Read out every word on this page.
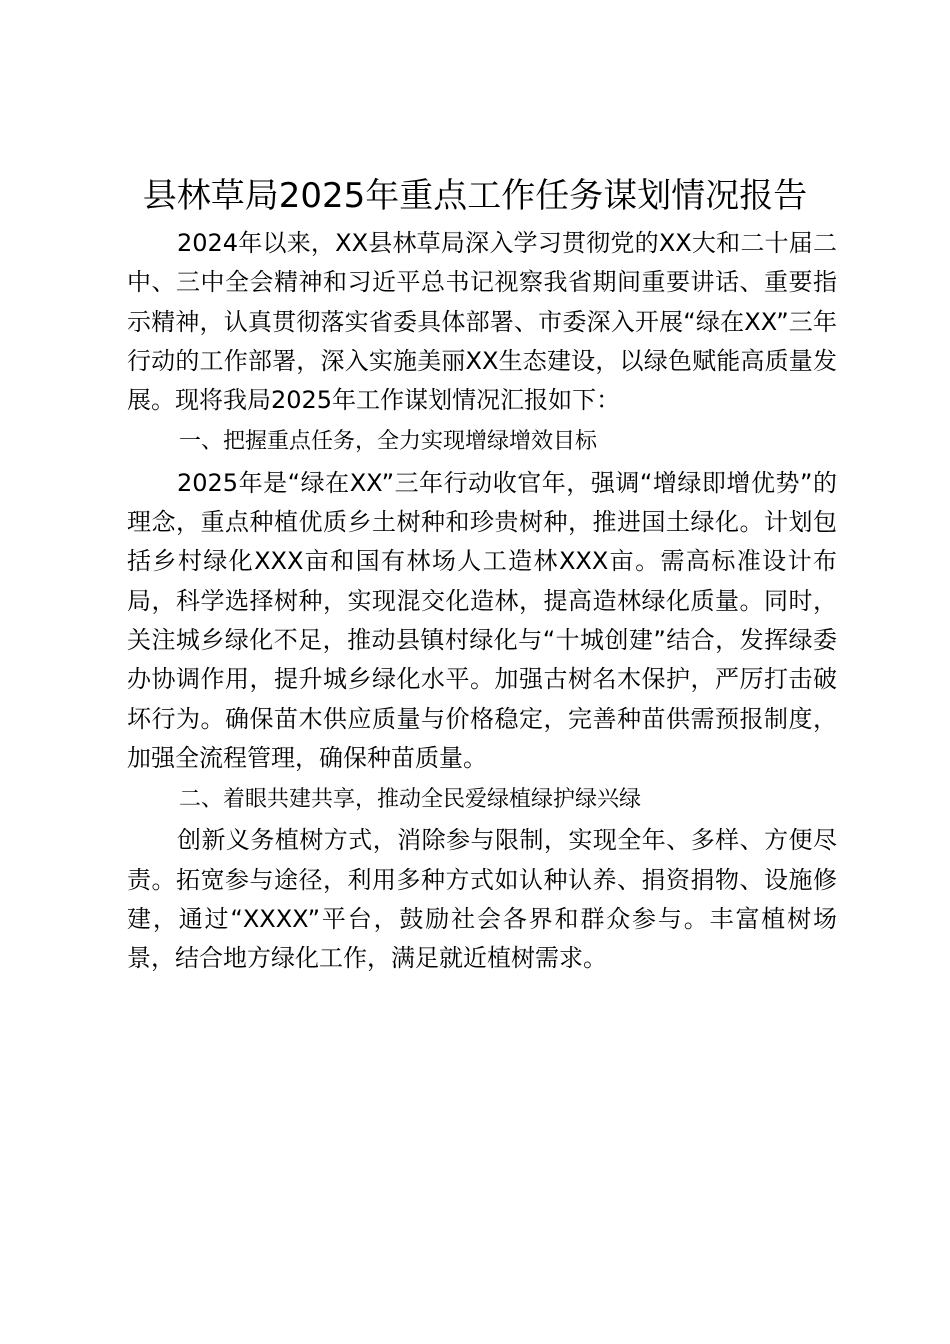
县林草局2025年重点工作任务谋划情况报告

2024年以来，XX县林草局深入学习贯彻党的XX大和二十届二中、三中全会精神和习近平总书记视察我省期间重要讲话、重要指示精神，认真贯彻落实省委具体部署、市委深入开展“绿在XX”三年行动的工作部署，深入实施美丽XX生态建设，以绿色赋能高质量发展。现将我局2025年工作谋划情况汇报如下：

一、把握重点任务，全力实现增绿增效目标

2025年是“绿在XX”三年行动收官年，强调“增绿即增优势”的理念，重点种植优质乡土树种和珍贵树种，推进国土绿化。计划包括乡村绿化XXX亩和国有林场人工造林XXX亩。需高标准设计布局，科学选择树种，实现混交化造林，提高造林绿化质量。同时，关注城乡绿化不足，推动县镇村绿化与“十城创建”结合，发挥绿委办协调作用，提升城乡绿化水平。加强古树名木保护，严厉打击破坏行为。确保苗木供应质量与价格稳定，完善种苗供需预报制度，加强全流程管理，确保种苗质量。

二、着眼共建共享，推动全民爱绿植绿护绿兴绿

创新义务植树方式，消除参与限制，实现全年、多样、方便尽责。拓宽参与途径，利用多种方式如认种认养、捐资捐物、设施修建，通过“XXXX”平台，鼓励社会各界和群众参与。丰富植树场景，结合地方绿化工作，满足就近植树需求。
